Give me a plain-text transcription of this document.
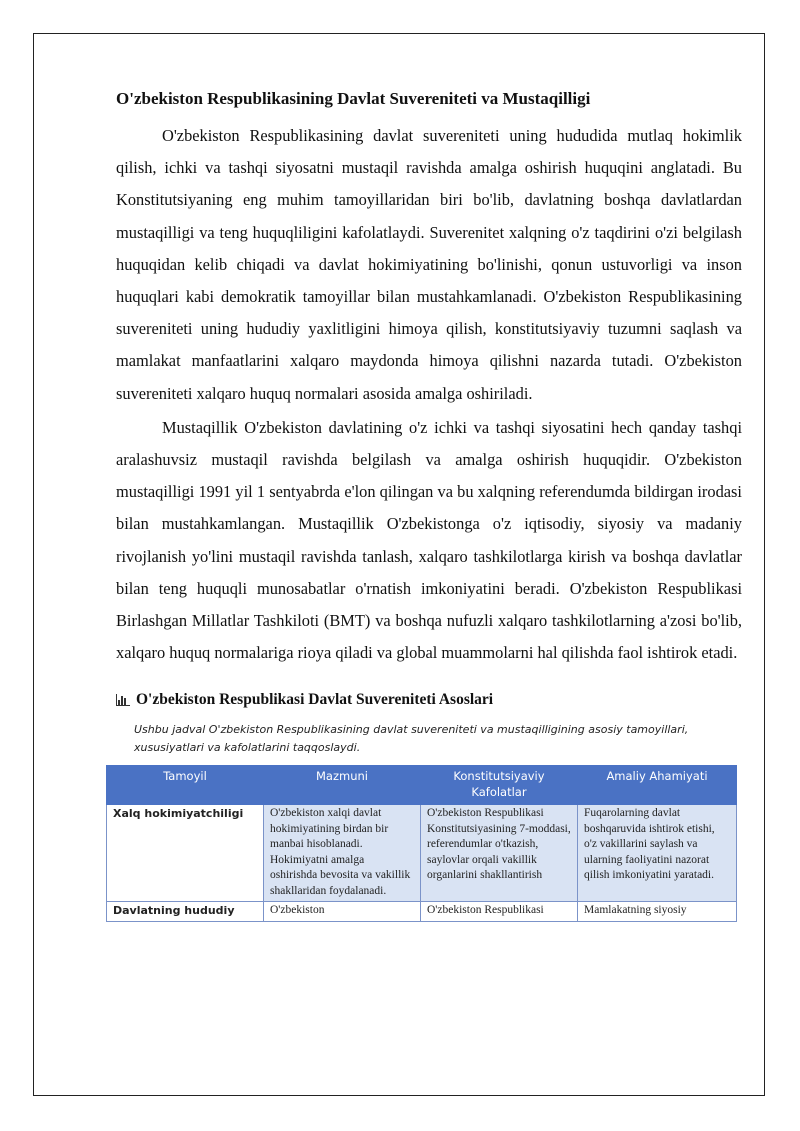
O'zbekiston Respublikasining Davlat Suvereniteti va Mustaqilligi

O'zbekiston Respublikasining davlat suvereniteti uning hududida mutlaq hokimlik qilish, ichki va tashqi siyosatni mustaqil ravishda amalga oshirish huquqini anglatadi. Bu Konstitutsiyaning eng muhim tamoyillaridan biri bo'lib, davlatning boshqa davlatlardan mustaqilligi va teng huquqliligini kafolatlaydi. Suverenitet xalqning o'z taqdirini o'zi belgilash huquqidan kelib chiqadi va davlat hokimiyatining bo'linishi, qonun ustuvorligi va inson huquqlari kabi demokratik tamoyillar bilan mustahkamlanadi. O'zbekiston Respublikasining suvereniteti uning hududiy yaxlitligini himoya qilish, konstitutsiyaviy tuzumni saqlash va mamlakat manfaatlarini xalqaro maydonda himoya qilishni nazarda tutadi. O'zbekiston suvereniteti xalqaro huquq normalari asosida amalga oshiriladi.

Mustaqillik O'zbekiston davlatining o'z ichki va tashqi siyosatini hech qanday tashqi aralashuvsiz mustaqil ravishda belgilash va amalga oshirish huquqidir. O'zbekiston mustaqilligi 1991 yil 1 sentyabrda e'lon qilingan va bu xalqning referendumda bildirgan irodasi bilan mustahkamlangan. Mustaqillik O'zbekistonga o'z iqtisodiy, siyosiy va madaniy rivojlanish yo'lini mustaqil ravishda tanlash, xalqaro tashkilotlarga kirish va boshqa davlatlar bilan teng huquqli munosabatlar o'rnatish imkoniyatini beradi. O'zbekiston Respublikasi Birlashgan Millatlar Tashkiloti (BMT) va boshqa nufuzli xalqaro tashkilotlarning a'zosi bo'lib, xalqaro huquq normalariga rioya qiladi va global muammolarni hal qilishda faol ishtirok etadi.

O'zbekiston Respublikasi Davlat Suvereniteti Asoslari
Ushbu jadval O'zbekiston Respublikasining davlat suvereniteti va mustaqilligining asosiy tamoyillari, xususiyatlari va kafolatlarini taqqoslaydi.
Tamoyil	Mazmuni	Konstitutsiyaviy Kafolatlar	Amaliy Ahamiyati
Xalq hokimiyatchiligi	O'zbekiston xalqi davlat hokimiyatining birdan bir manbai hisoblanadi. Hokimiyatni amalga oshirishda bevosita va vakillik shakllaridan foydalanadi.	O'zbekiston Respublikasi Konstitutsiyasining 7-moddasi, referendumlar o'tkazish, saylovlar orqali vakillik organlarini shakllantirish	Fuqarolarning davlat boshqaruvida ishtirok etishi, o'z vakillarini saylash va ularning faoliyatini nazorat qilish imkoniyatini yaratadi.
Davlatning hududiy	O'zbekiston	O'zbekiston Respublikasi	Mamlakatning siyosiy
